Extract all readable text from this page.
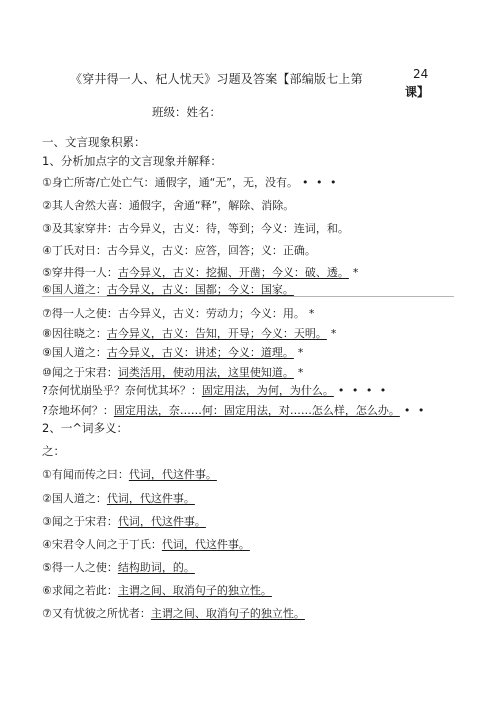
《穿井得一人、杞人忧天》习题及答案【部编版七上第	24
课】
班级：姓名：
一、文言现象积累：
1、分析加点字的文言现象并解释：
①身亡所寄/亡处亡气：通假字，通“无”，无，没有。 • • •
②其人舍然大喜：通假字，舍通“释”，解除、消除。
③及其家穿井：古今异义，古义：待，等到；今义：连词，和。
④丁氏对日：古今异义，古义：应答，回答；义：正确。
⑤穿井得一人：古今异义，古义：挖掘、开凿；今义：破、透。 *
⑥国人道之：古今异义，古义：国都；今义：国家。
⑦得一人之使：古今异义，古义：劳动力；今义：用。 *
⑧因往晓之：古今异义，古义：告知，开导；今义：天明。 *
⑨国人道之：古今异义，古义：讲述；今义：道理。 *
⑩闻之于宋君：词类活用，使动用法，这里使知道。 *
?奈何忧崩坠乎？奈何忧其坏？：固定用法，为何，为什么。 • • • •
?奈地坏何？：固定用法，奈……何：固定用法，对……怎么样，怎么办。 • •
2、一^词多义：
之：
①有闻而传之曰：代词，代这件事。
②国人道之：代词，代这件事。
③闻之于宋君：代词，代这件事。
④宋君令人问之于丁氏：代词，代这件事。
⑤得一人之使：结构助词，的。
⑥求闻之若此：主谓之间、取消句子的独立性。
⑦又有忧彼之所忧者：主谓之间、取消句子的独立性。
